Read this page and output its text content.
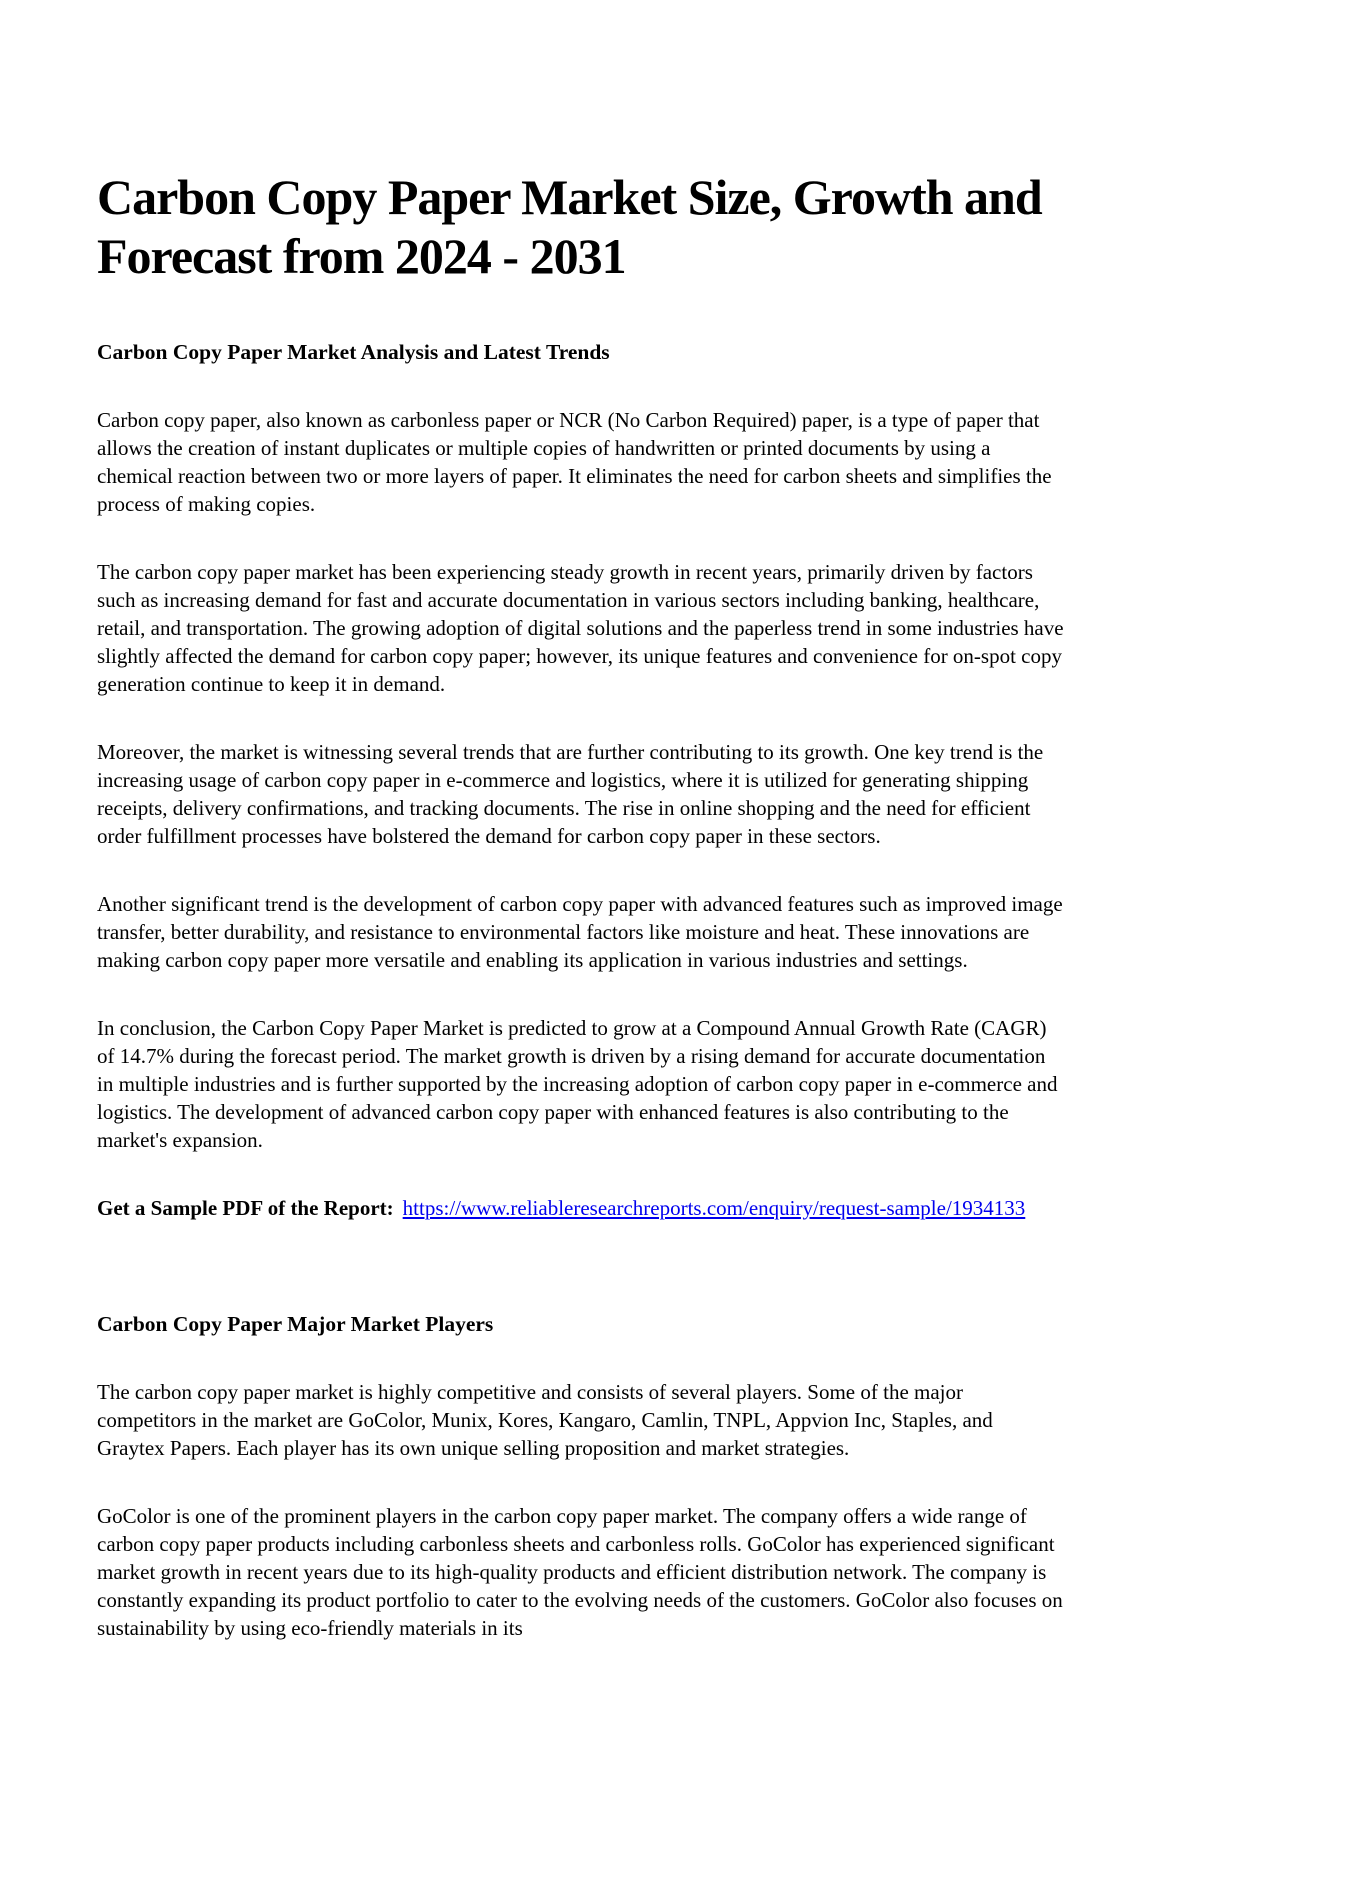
Carbon Copy Paper Market Size, Growth and Forecast from 2024 - 2031
Carbon Copy Paper Market Analysis and Latest Trends

Carbon copy paper, also known as carbonless paper or NCR (No Carbon Required) paper, is a type of paper that allows the creation of instant duplicates or multiple copies of handwritten or printed documents by using a chemical reaction between two or more layers of paper. It eliminates the need for carbon sheets and simplifies the process of making copies.

The carbon copy paper market has been experiencing steady growth in recent years, primarily driven by factors such as increasing demand for fast and accurate documentation in various sectors including banking, healthcare, retail, and transportation. The growing adoption of digital solutions and the paperless trend in some industries have slightly affected the demand for carbon copy paper; however, its unique features and convenience for on-spot copy generation continue to keep it in demand.

Moreover, the market is witnessing several trends that are further contributing to its growth. One key trend is the increasing usage of carbon copy paper in e-commerce and logistics, where it is utilized for generating shipping receipts, delivery confirmations, and tracking documents. The rise in online shopping and the need for efficient order fulfillment processes have bolstered the demand for carbon copy paper in these sectors.

Another significant trend is the development of carbon copy paper with advanced features such as improved image transfer, better durability, and resistance to environmental factors like moisture and heat. These innovations are making carbon copy paper more versatile and enabling its application in various industries and settings.

In conclusion, the Carbon Copy Paper Market is predicted to grow at a Compound Annual Growth Rate (CAGR) of 14.7% during the forecast period. The market growth is driven by a rising demand for accurate documentation in multiple industries and is further supported by the increasing adoption of carbon copy paper in e-commerce and logistics. The development of advanced carbon copy paper with enhanced features is also contributing to the market's expansion.

Get a Sample PDF of the Report: https://www.reliableresearchreports.com/enquiry/request-sample/1934133

Carbon Copy Paper Major Market Players

The carbon copy paper market is highly competitive and consists of several players. Some of the major competitors in the market are GoColor, Munix, Kores, Kangaro, Camlin, TNPL, Appvion Inc, Staples, and Graytex Papers. Each player has its own unique selling proposition and market strategies.

GoColor is one of the prominent players in the carbon copy paper market. The company offers a wide range of carbon copy paper products including carbonless sheets and carbonless rolls. GoColor has experienced significant market growth in recent years due to its high-quality products and efficient distribution network. The company is constantly expanding its product portfolio to cater to the evolving needs of the customers. GoColor also focuses on sustainability by using eco-friendly materials in its
